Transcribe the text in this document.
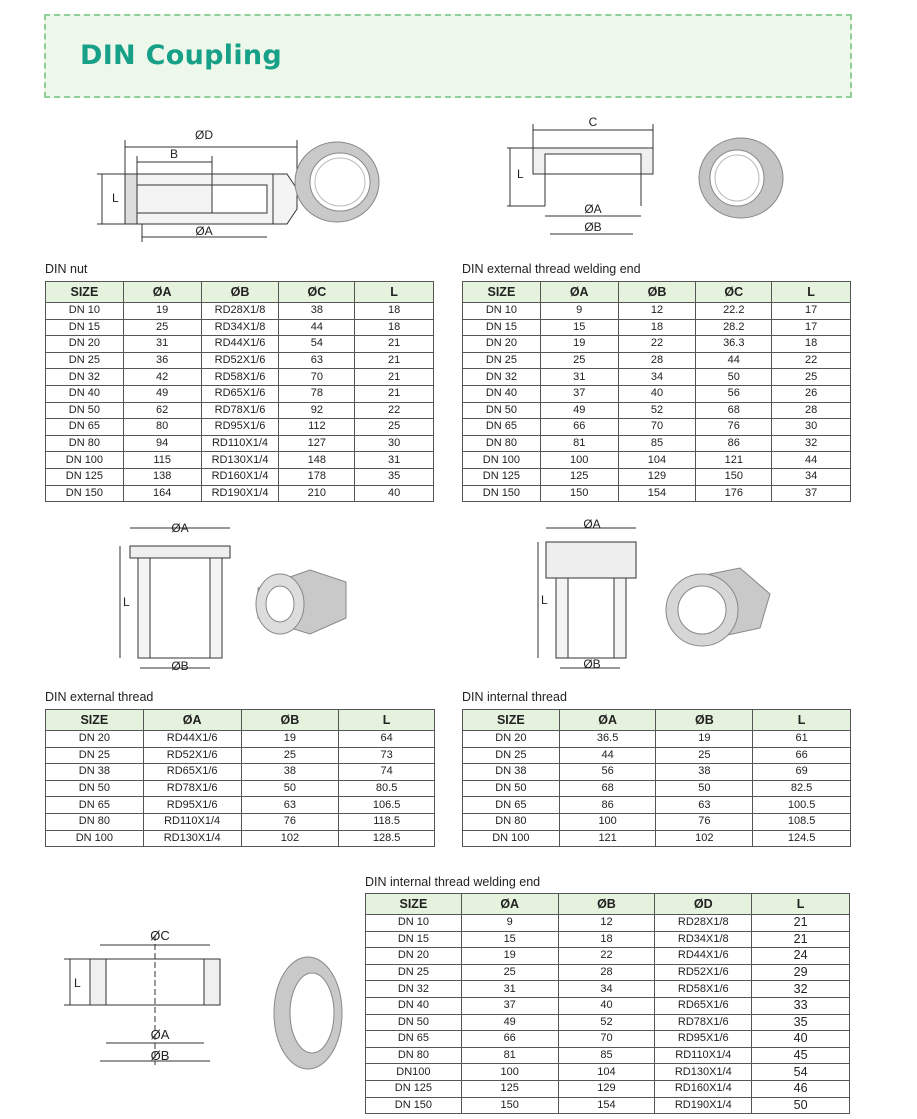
DIN Coupling
ØD
B
ØA
L
C
ØA
ØB
L
DIN nut
SIZE	ØA	ØB	ØC	L
DN 10	19	RD28X1/8	38	18
DN 15	25	RD34X1/8	44	18
DN 20	31	RD44X1/6	54	21
DN 25	36	RD52X1/6	63	21
DN 32	42	RD58X1/6	70	21
DN 40	49	RD65X1/6	78	21
DN 50	62	RD78X1/6	92	22
DN 65	80	RD95X1/6	112	25
DN 80	94	RD110X1/4	127	30
DN 100	115	RD130X1/4	148	31
DN 125	138	RD160X1/4	178	35
DN 150	164	RD190X1/4	210	40
DIN external thread welding end
SIZE	ØA	ØB	ØC	L
DN 10	9	12	22.2	17
DN 15	15	18	28.2	17
DN 20	19	22	36.3	18
DN 25	25	28	44	22
DN 32	31	34	50	25
DN 40	37	40	56	26
DN 50	49	52	68	28
DN 65	66	70	76	30
DN 80	81	85	86	32
DN 100	100	104	121	44
DN 125	125	129	150	34
DN 150	150	154	176	37
ØA
ØB
L
ØA
ØB
L
DIN external thread
SIZE	ØA	ØB	L
DN 20	RD44X1/6	19	64
DN 25	RD52X1/6	25	73
DN 38	RD65X1/6	38	74
DN 50	RD78X1/6	50	80.5
DN 65	RD95X1/6	63	106.5
DN 80	RD110X1/4	76	118.5
DN 100	RD130X1/4	102	128.5
DIN internal thread
SIZE	ØA	ØB	L
DN 20	36.5	19	61
DN 25	44	25	66
DN 38	56	38	69
DN 50	68	50	82.5
DN 65	86	63	100.5
DN 80	100	76	108.5
DN 100	121	102	124.5
ØC
ØA
ØB
L
DIN internal thread welding end
SIZE	ØA	ØB	ØD	L
DN 10	9	12	RD28X1/8	21
DN 15	15	18	RD34X1/8	21
DN 20	19	22	RD44X1/6	24
DN 25	25	28	RD52X1/6	29
DN 32	31	34	RD58X1/6	32
DN 40	37	40	RD65X1/6	33
DN 50	49	52	RD78X1/6	35
DN 65	66	70	RD95X1/6	40
DN 80	81	85	RD110X1/4	45
DN100	100	104	RD130X1/4	54
DN 125	125	129	RD160X1/4	46
DN 150	150	154	RD190X1/4	50
